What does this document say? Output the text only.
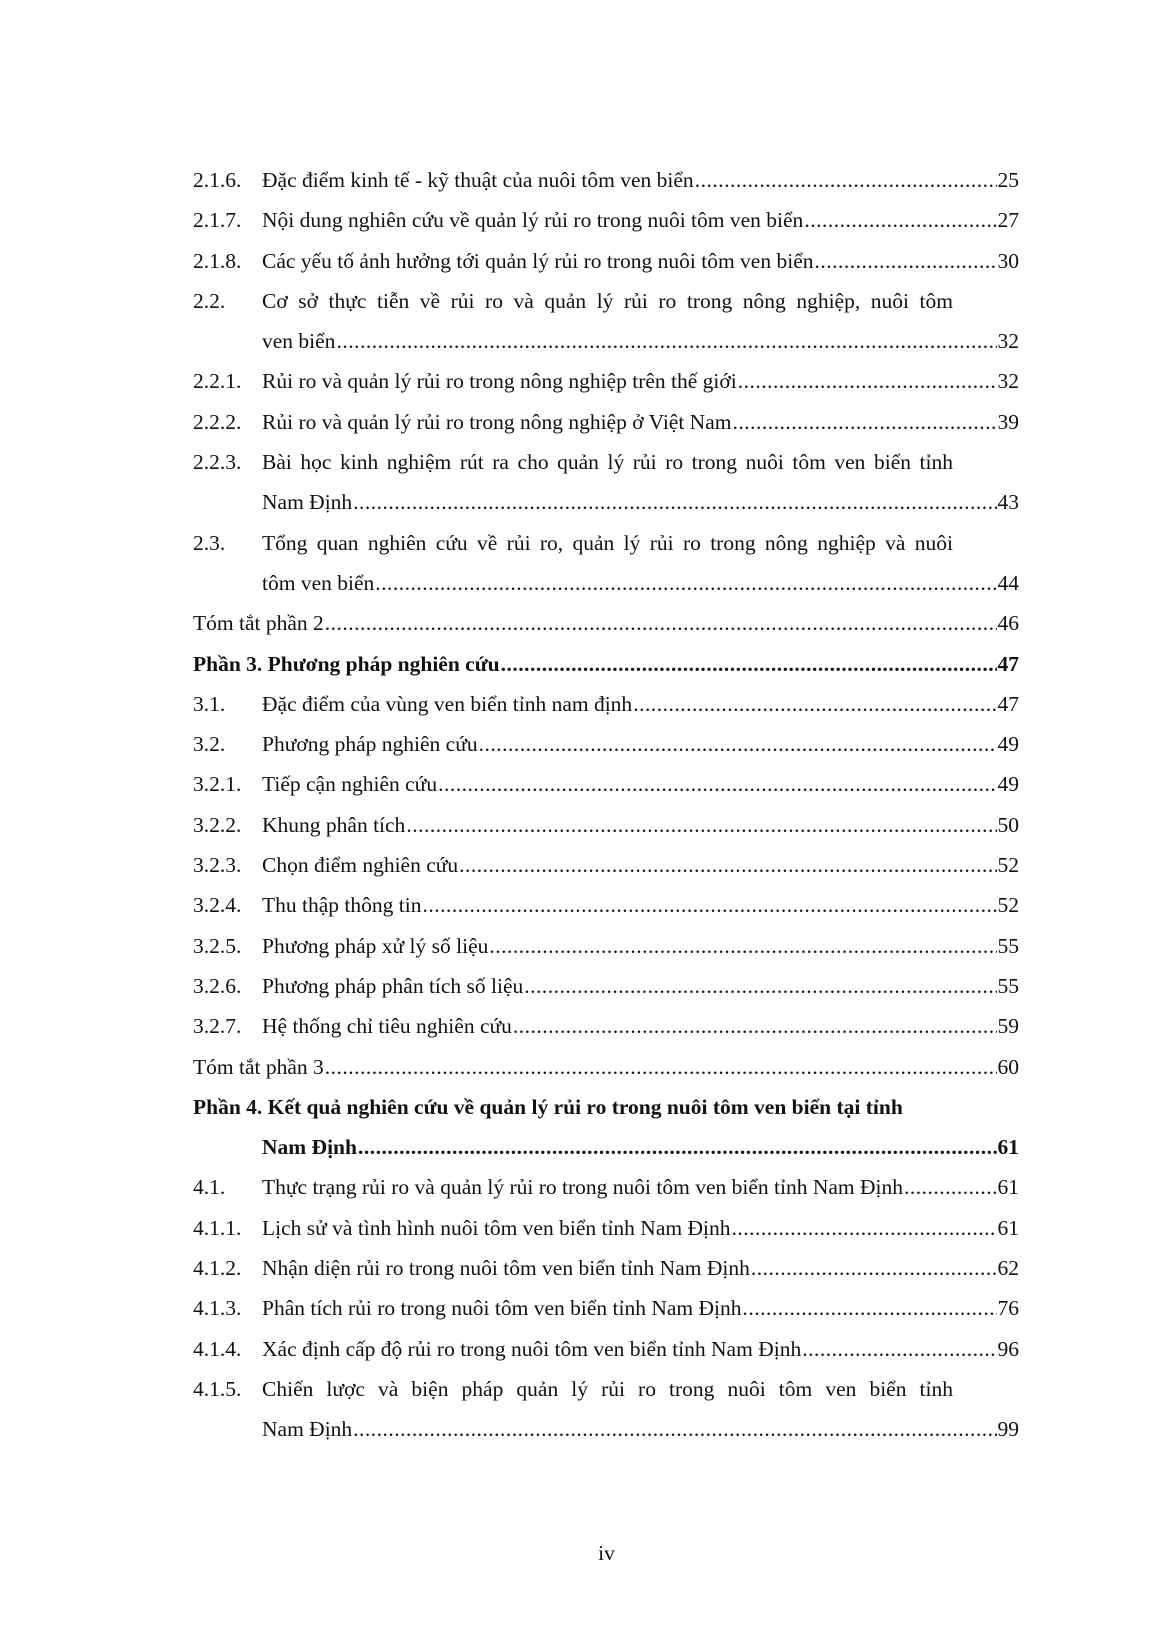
2.1.6. Đặc điểm kinh tế - kỹ thuật của nuôi tôm ven biển .....	25
2.1.7. Nội dung nghiên cứu về quản lý rủi ro trong nuôi tôm ven biển .....	27
2.1.8. Các yếu tố ảnh hưởng tới quản lý rủi ro trong nuôi tôm ven biển .....	30
2.2. Cơ sở thực tiễn về rủi ro và quản lý rủi ro trong nông nghiệp, nuôi tôm
ven biển .....	32
2.2.1. Rủi ro và quản lý rủi ro trong nông nghiệp trên thế giới .....	32
2.2.2. Rủi ro và quản lý rủi ro trong nông nghiệp ở Việt Nam .....	39
2.2.3. Bài học kinh nghiệm rút ra cho quản lý rủi ro trong nuôi tôm ven biển tỉnh
Nam Định .....	43
2.3. Tổng quan nghiên cứu về rủi ro, quản lý rủi ro trong nông nghiệp và nuôi
tôm ven biển .....	44
Tóm tắt phần 2 .....	46
Phần 3. Phương pháp nghiên cứu .....	47
3.1. Đặc điểm của vùng ven biển tỉnh nam định .....	47
3.2. Phương pháp nghiên cứu .....	49
3.2.1. Tiếp cận nghiên cứu .....	49
3.2.2. Khung phân tích .....	50
3.2.3. Chọn điểm nghiên cứu .....	52
3.2.4. Thu thập thông tin .....	52
3.2.5. Phương pháp xử lý số liệu .....	55
3.2.6. Phương pháp phân tích số liệu .....	55
3.2.7. Hệ thống chỉ tiêu nghiên cứu .....	59
Tóm tắt phần 3 .....	60
Phần 4. Kết quả nghiên cứu về quản lý rủi ro trong nuôi tôm ven biển tại tỉnh
Nam Định .....	61
4.1. Thực trạng rủi ro và quản lý rủi ro trong nuôi tôm ven biển tỉnh Nam Định .....	61
4.1.1. Lịch sử và tình hình nuôi tôm ven biển tỉnh Nam Định .....	61
4.1.2. Nhận diện rủi ro trong nuôi tôm ven biển tỉnh Nam Định .....	62
4.1.3. Phân tích rủi ro trong nuôi tôm ven biển tỉnh Nam Định .....	76
4.1.4. Xác định cấp độ rủi ro trong nuôi tôm ven biển tỉnh Nam Định .....	96
4.1.5. Chiến lược và biện pháp quản lý rủi ro trong nuôi tôm ven biển tỉnh
Nam Định .....	99
iv
